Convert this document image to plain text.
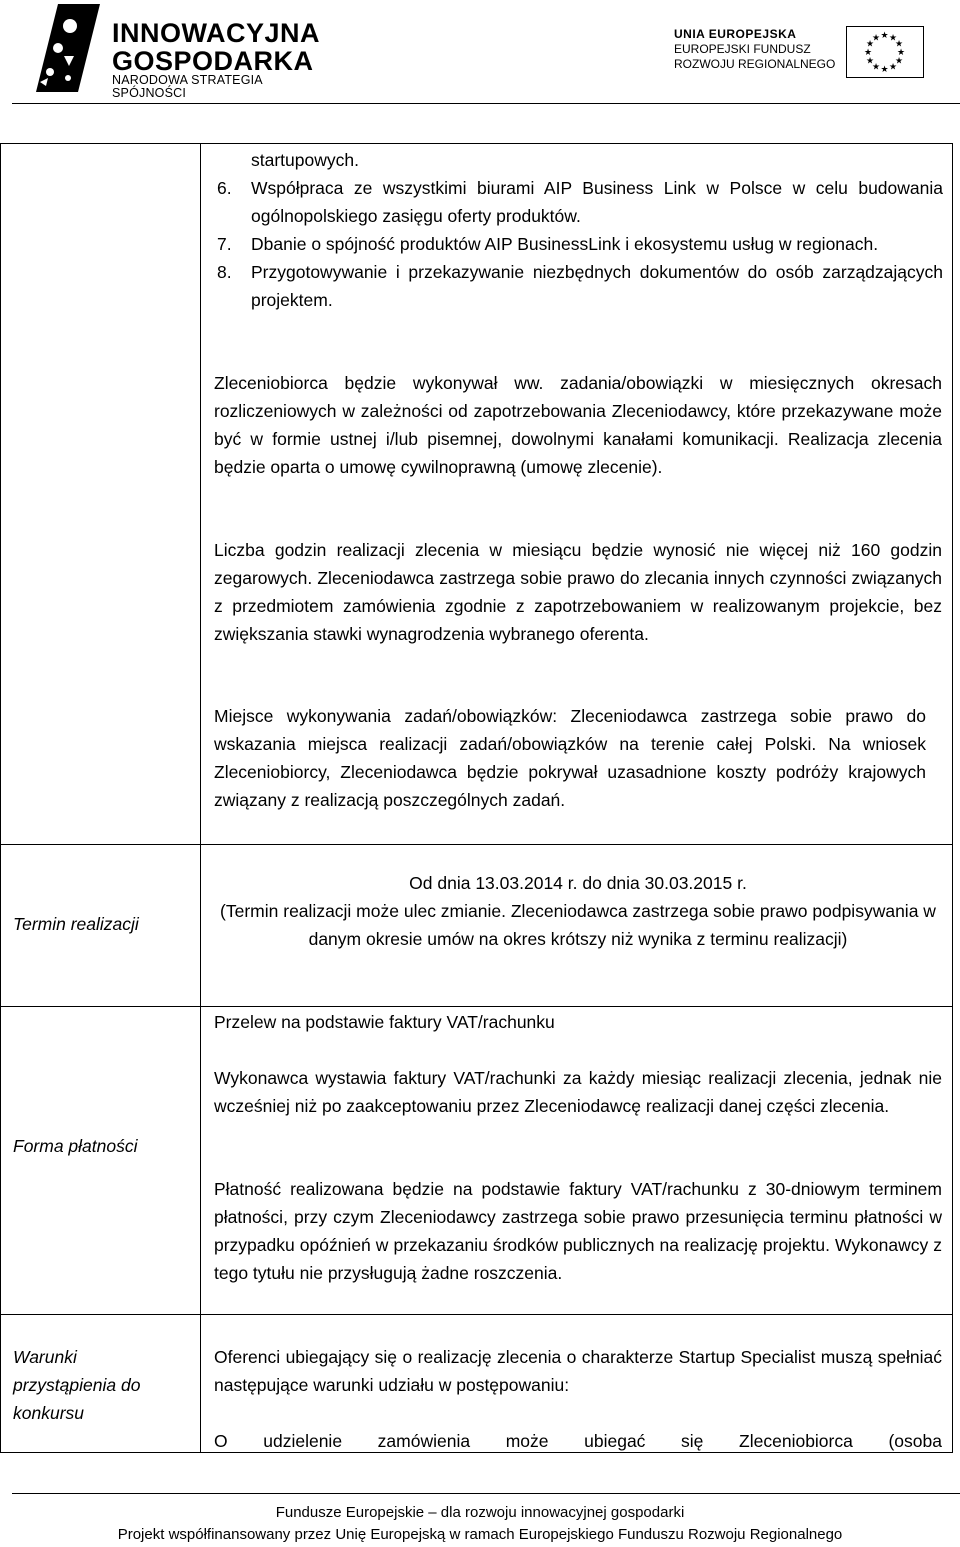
INNOWACYJNA
GOSPODARKA
NARODOWA STRATEGIA SPÓJNOŚCI
UNIA EUROPEJSKA
EUROPEJSKI FUNDUSZ
ROZWOJU REGIONALNEGO
★ ★
★
★
★
★
★
★
★
★
★
★
startupowych.
6. Współpraca ze wszystkimi biurami AIP Business Link w Polsce w celu budowania ogólnopolskiego zasięgu oferty produktów.
7. Dbanie o spójność produktów AIP BusinessLink i ekosystemu usług w regionach.
8. Przygotowywanie i przekazywanie niezbędnych dokumentów do osób zarządzających projektem.
Zleceniobiorca będzie wykonywał ww. zadania/obowiązki w miesięcznych okresach rozliczeniowych w zależności od zapotrzebowania Zleceniodawcy, które przekazywane może być w formie ustnej i/lub pisemnej, dowolnymi kanałami komunikacji. Realizacja zlecenia będzie oparta o umowę cywilnoprawną (umowę zlecenie).
Liczba godzin realizacji zlecenia w miesiącu będzie wynosić nie więcej niż 160 godzin zegarowych. Zleceniodawca zastrzega sobie prawo do zlecania innych czynności związanych z przedmiotem zamówienia zgodnie z zapotrzebowaniem w realizowanym projekcie, bez zwiększania stawki wynagrodzenia wybranego oferenta.
Miejsce wykonywania zadań/obowiązków: Zleceniodawca zastrzega sobie prawo do wskazania miejsca realizacji zadań/obowiązków na terenie całej Polski. Na wniosek Zleceniobiorcy, Zleceniodawca będzie pokrywał uzasadnione koszty podróży krajowych związany z realizacją poszczególnych zadań.
Termin realizacji
Od dnia 13.03.2014 r. do dnia 30.03.2015 r.
(Termin realizacji może ulec zmianie. Zleceniodawca zastrzega sobie prawo podpisywania w danym okresie umów na okres krótszy niż wynika z terminu realizacji)
Forma płatności
Przelew na podstawie faktury VAT/rachunku
Wykonawca wystawia faktury VAT/rachunki za każdy miesiąc realizacji zlecenia, jednak nie wcześniej niż po zaakceptowaniu przez Zleceniodawcę realizacji danej części zlecenia.
Płatność realizowana będzie na podstawie faktury VAT/rachunku z 30-dniowym terminem płatności, przy czym Zleceniodawcy zastrzega sobie prawo przesunięcia terminu płatności w przypadku opóźnień w przekazaniu środków publicznych na realizację projektu. Wykonawcy z tego tytułu nie przysługują żadne roszczenia.
Warunki przystąpienia do konkursu
Oferenci ubiegający się o realizację zlecenia o charakterze Startup Specialist muszą spełniać następujące warunki udziału w postępowaniu:
O udzielenie zamówienia może ubiegać się Zleceniobiorca (osoba
Fundusze Europejskie – dla rozwoju innowacyjnej gospodarki
Projekt współfinansowany przez Unię Europejską w ramach Europejskiego Funduszu Rozwoju Regionalnego
